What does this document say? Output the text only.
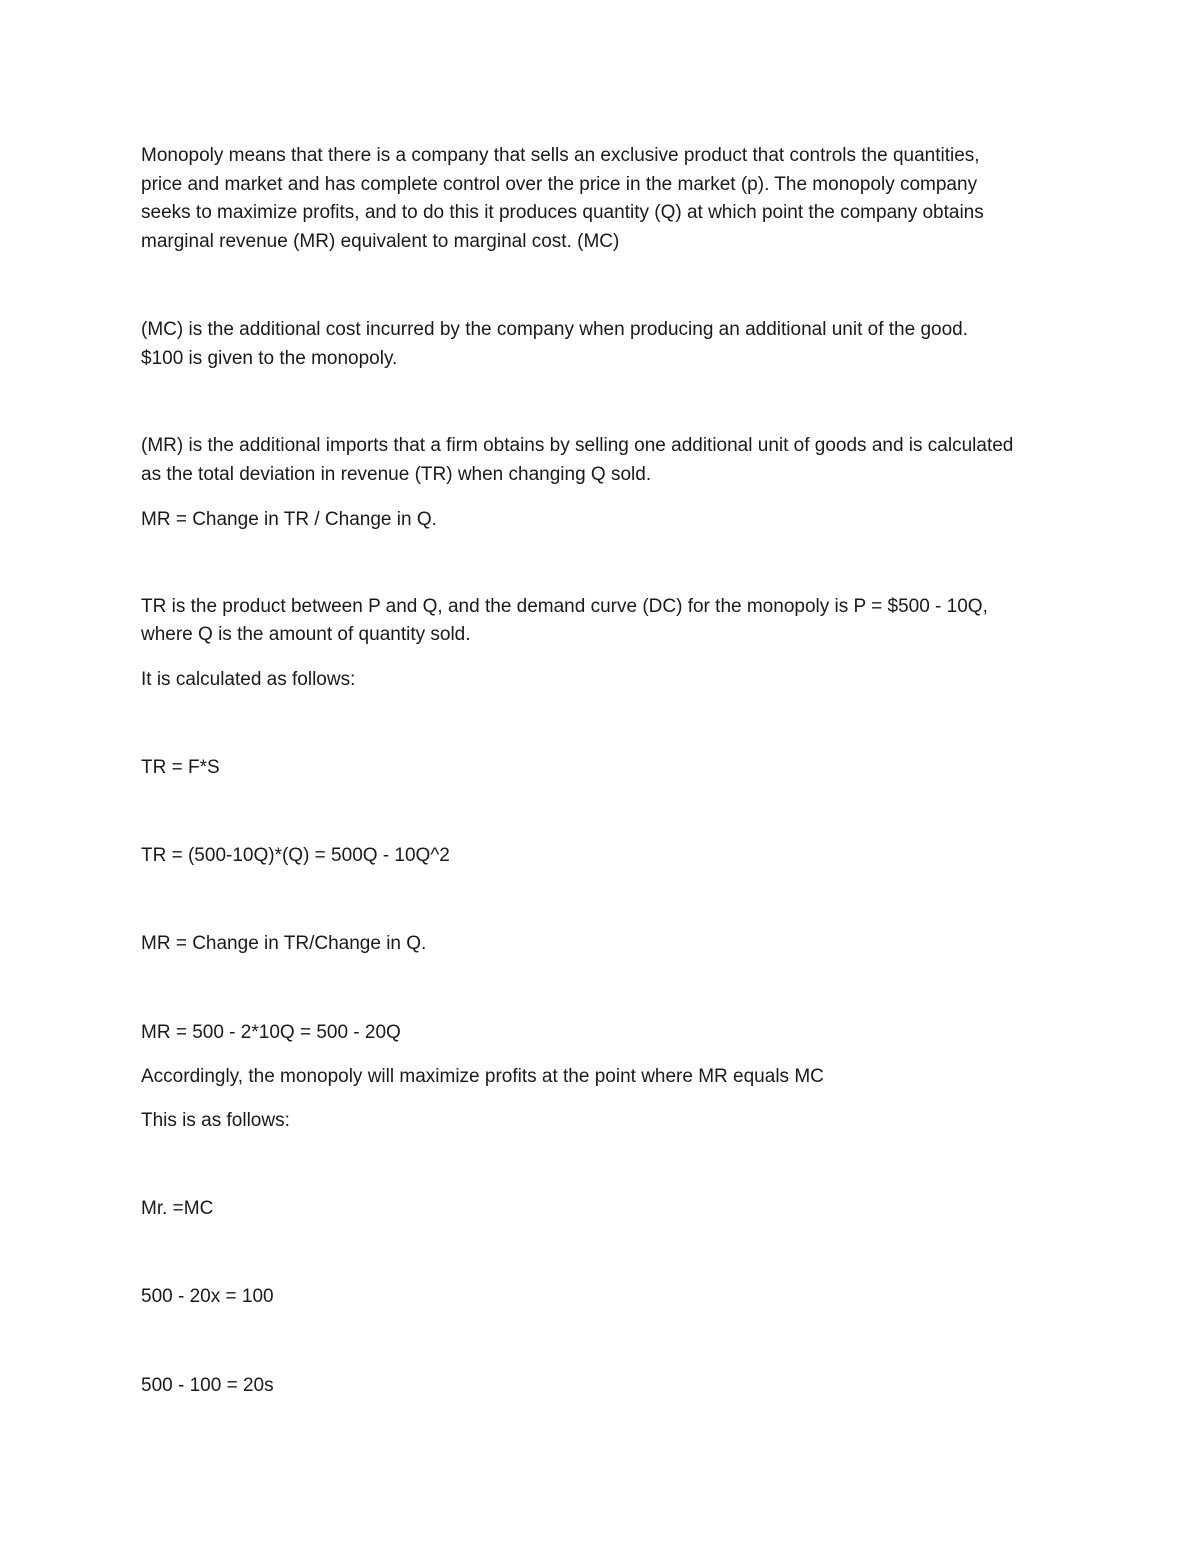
Monopoly means that there is a company that sells an exclusive product that controls the quantities,
price and market and has complete control over the price in the market (p). The monopoly company
seeks to maximize profits, and to do this it produces quantity (Q) at which point the company obtains
marginal revenue (MR) equivalent to marginal cost. (MC)
(MC) is the additional cost incurred by the company when producing an additional unit of the good.
$100 is given to the monopoly.
(MR) is the additional imports that a firm obtains by selling one additional unit of goods and is calculated
as the total deviation in revenue (TR) when changing Q sold.
MR = Change in TR / Change in Q.
TR is the product between P and Q, and the demand curve (DC) for the monopoly is P = $500 - 10Q,
where Q is the amount of quantity sold.
It is calculated as follows:
TR = F*S
TR = (500-10Q)*(Q) = 500Q - 10Q^2
MR = Change in TR/Change in Q.
MR = 500 - 2*10Q = 500 - 20Q
Accordingly, the monopoly will maximize profits at the point where MR equals MC
This is as follows:
Mr. =MC
500 - 20x = 100
500 - 100 = 20s
